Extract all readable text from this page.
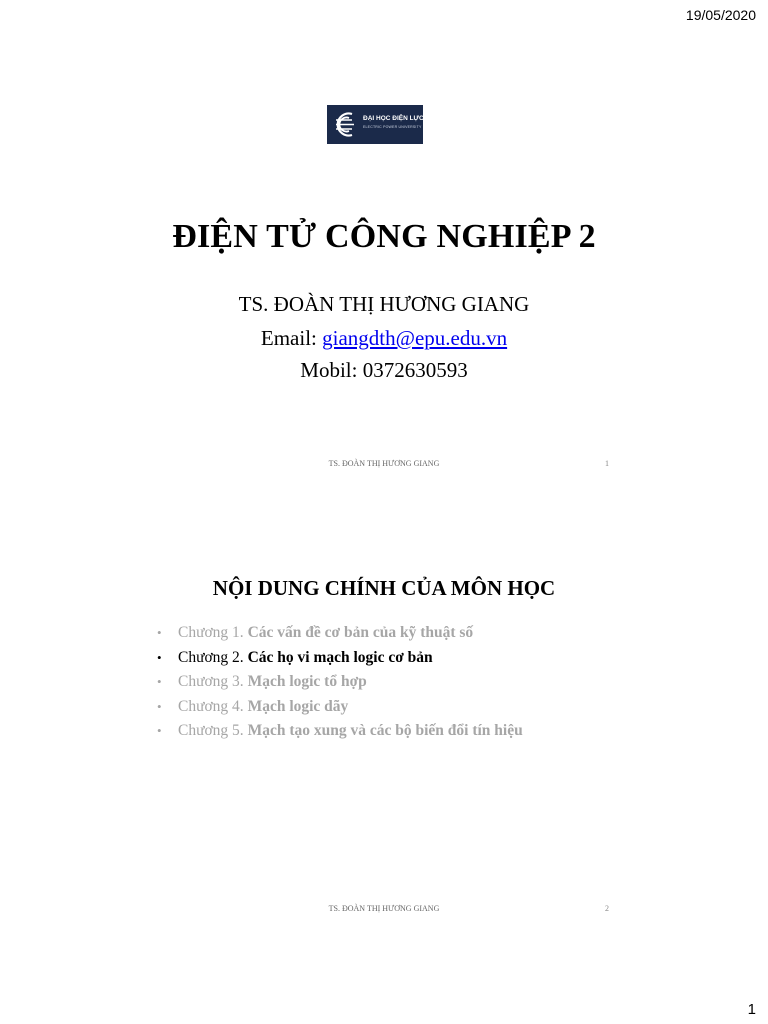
19/05/2020
ĐẠI HỌC ĐIỆN LỰC
ELECTRIC POWER UNIVERSITY
ĐIỆN TỬ CÔNG NGHIỆP 2

TS. ĐOÀN THỊ HƯƠNG GIANG

Email: giangdth@epu.edu.vn

Mobil: 0372630593

TS. ĐOÀN THỊ HƯƠNG GIANG	1
NỘI DUNG CHÍNH CỦA MÔN HỌC
• Chương 1. Các vấn đề cơ bản của kỹ thuật số
• Chương 2. Các họ vi mạch logic cơ bản
• Chương 3. Mạch logic tổ hợp
• Chương 4. Mạch logic dãy
• Chương 5. Mạch tạo xung và các bộ biến đổi tín hiệu

TS. ĐOÀN THỊ HƯƠNG GIANG	2
1
